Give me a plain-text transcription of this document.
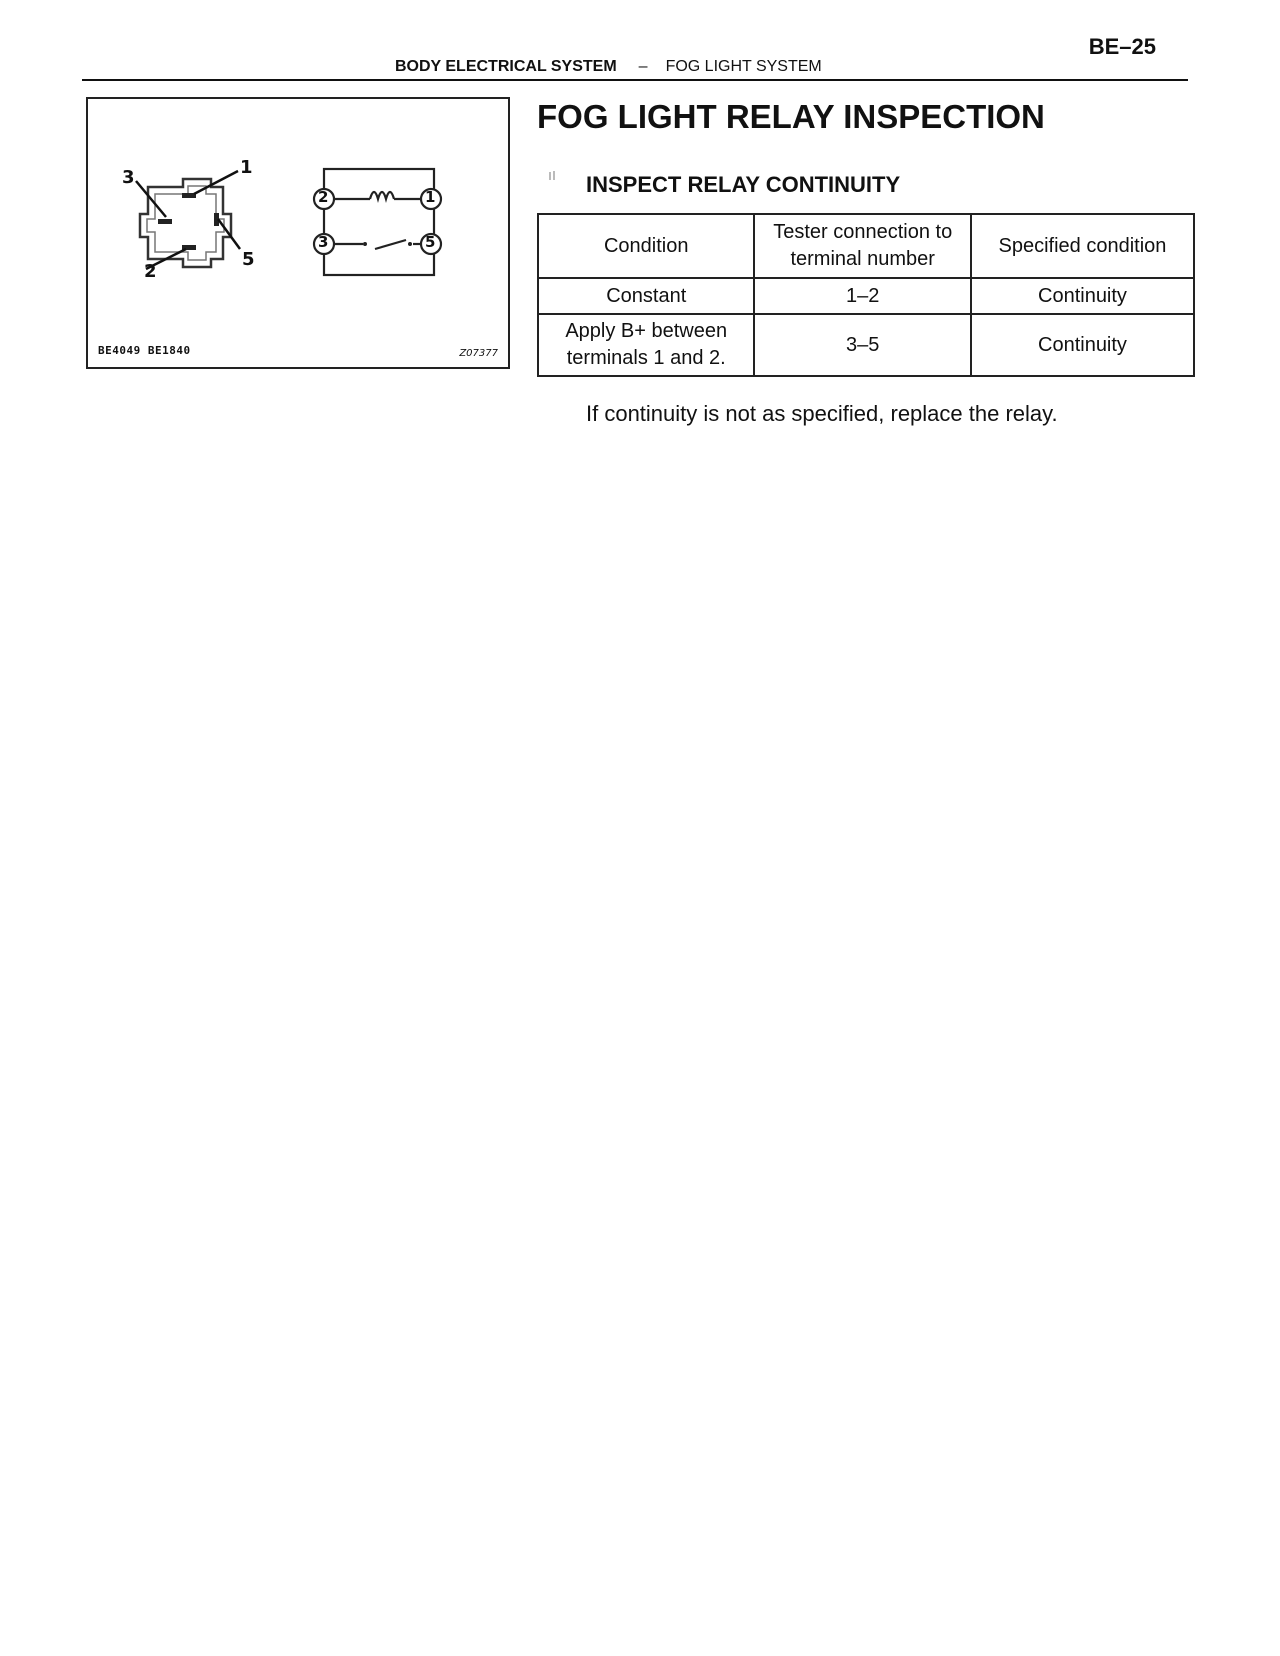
BE–25
BODY ELECTRICAL SYSTEM – FOG LIGHT SYSTEM
3	1
2
5
2	1
3	5
BE4049 BE1840	Z07377
FOG LIGHT RELAY INSPECTION
INSPECT RELAY CONTINUITY
Condition	Tester connection to terminal number	Specified condition
Constant	1–2	Continuity
Apply B+ between terminals 1 and 2.	3–5	Continuity
If continuity is not as specified, replace the relay.
